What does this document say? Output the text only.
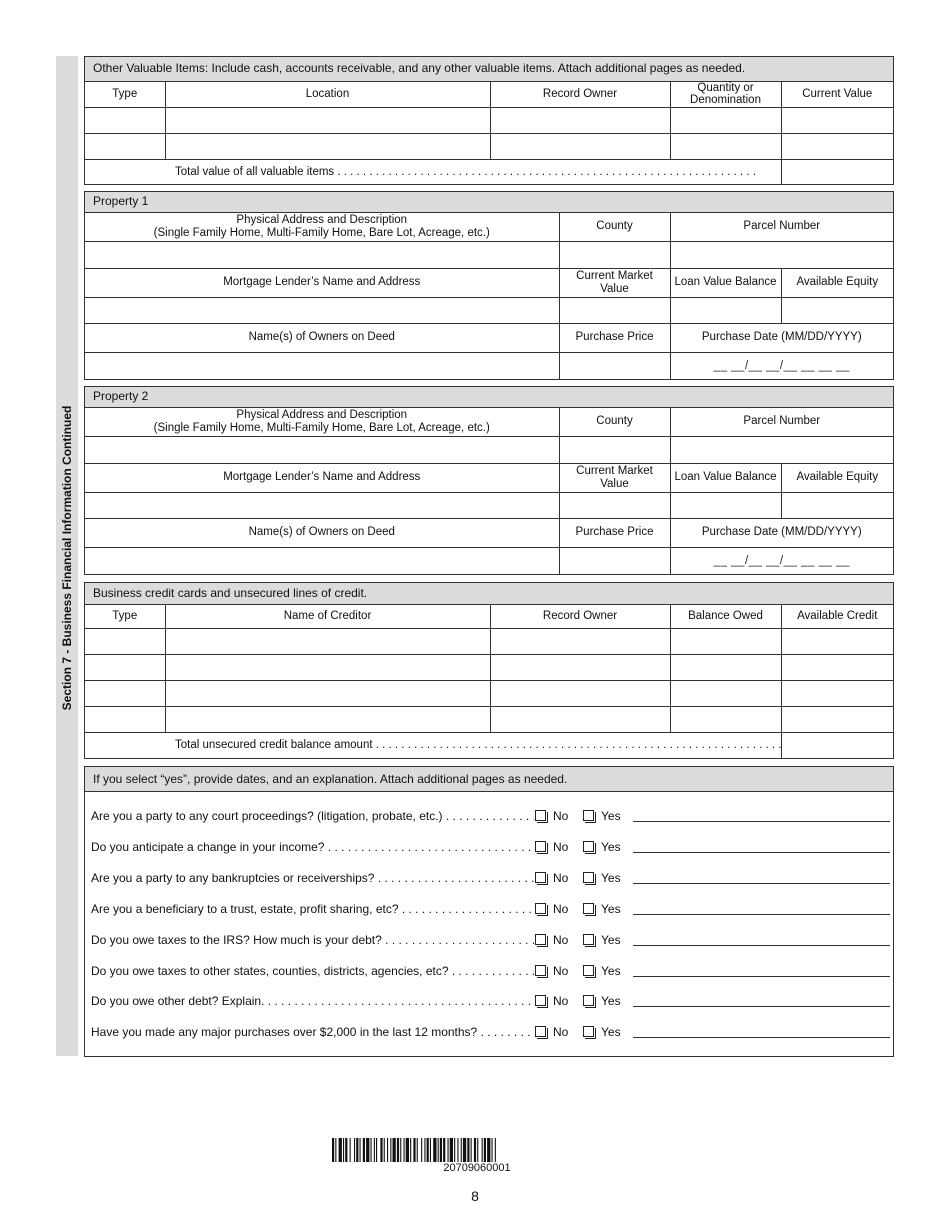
Section 7 - Business Financial Information Continued
Other Valuable Items: Include cash, accounts receivable, and any other valuable items. Attach additional pages as needed.				
Type	Location	Record Owner	Quantity or Denomination	Current Value

Total value of all valuable items . . .	
Property 1			

Physical Address and Description
(Single Family Home, Multi-Family Home, Bare Lot, Acreage, etc.)	County	Parcel Number	

Mortgage Lender’s Name and Address	Current Market Value	Loan Value Balance	Available Equity

Name(s) of Owners on Deed	Purchase Price	Purchase Date (MM/DD/YYYY)	
		__ __/__ __/__ __ __ __	
Property 2			

Physical Address and Description
(Single Family Home, Multi-Family Home, Bare Lot, Acreage, etc.)	County	Parcel Number	

Mortgage Lender’s Name and Address	Current Market Value	Loan Value Balance	Available Equity

Name(s) of Owners on Deed	Purchase Price	Purchase Date (MM/DD/YYYY)	
		__ __/__ __/__ __ __ __	
Business credit cards and unsecured lines of credit.				
Type	Name of Creditor	Record Owner	Balance Owed	Available Credit

Total unsecured credit balance amount . . .	
If you select “yes”, provide dates, and an explanation. Attach additional pages as needed.
Are you a party to any court proceedings? (litigation, probate, etc.) . . .	No	Yes
Do you anticipate a change in your income? . . .	No	Yes
Are you a party to any bankruptcies or receiverships? . . .	No	Yes
Are you a beneficiary to a trust, estate, profit sharing, etc? . . .	No	Yes
Do you owe taxes to the IRS? How much is your debt? . . .	No	Yes
Do you owe taxes to other states, counties, districts, agencies, etc? . . .	No	Yes
Do you owe other debt? Explain. . . .	No	Yes
Have you made any major purchases over $2,000 in the last 12 months? . . .	No	Yes
20709060001
8
